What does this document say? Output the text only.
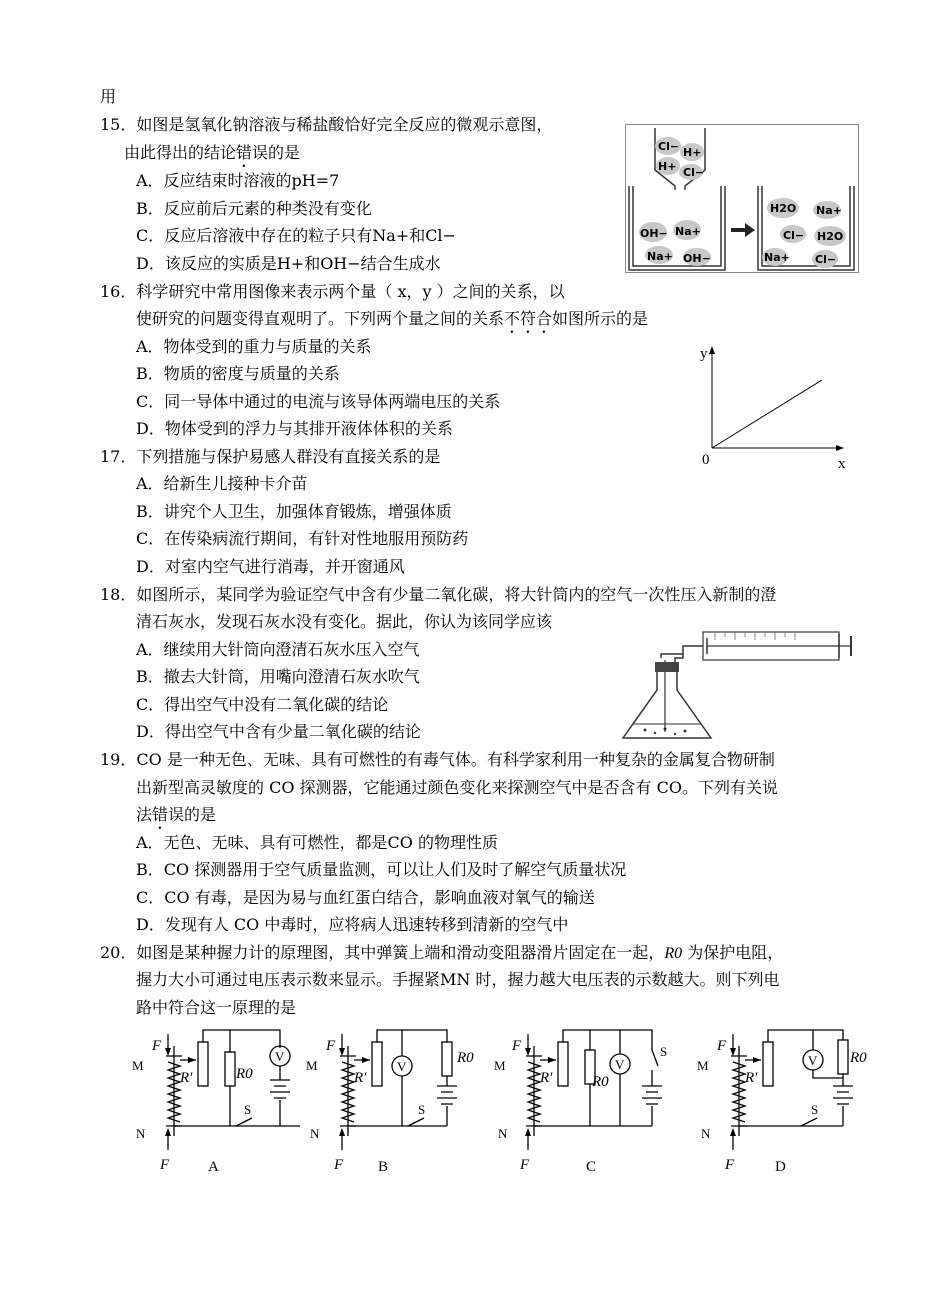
用
15．如图是氢氧化钠溶液与稀盐酸恰好完全反应的微观示意图，
由此得出的结论错误的是
A．反应结束时溶液的pH=7
B．反应前后元素的种类没有变化
C．反应后溶液中存在的粒子只有Na+和Cl−
D．该反应的实质是H+和OH−结合生成水
Cl− H+
H+ Cl−
OH− Na+
Na+ OH−
H2O Na+
Cl− H2O
Na+ Cl−
16．科学研究中常用图像来表示两个量（ x，y ）之间的关系，以
使研究的问题变得直观明了。下列两个量之间的关系不符合如图所示的是
A．物体受到的重力与质量的关系
B．物质的密度与质量的关系
C．同一导体中通过的电流与该导体两端电压的关系
D．物体受到的浮力与其排开液体体积的关系
y
x
0
17．下列措施与保护易感人群没有直接关系的是
A．给新生儿接种卡介苗
B．讲究个人卫生，加强体育锻炼，增强体质
C．在传染病流行期间，有针对性地服用预防药
D．对室内空气进行消毒，并开窗通风
18．如图所示，某同学为验证空气中含有少量二氧化碳，将大针筒内的空气一次性压入新制的澄
清石灰水，发现石灰水没有变化。据此，你认为该同学应该
A．继续用大针筒向澄清石灰水压入空气
B．撤去大针筒，用嘴向澄清石灰水吹气
C．得出空气中没有二氧化碳的结论
D．得出空气中含有少量二氧化碳的结论
19．CO 是一种无色、无味、具有可燃性的有毒气体。有科学家利用一种复杂的金属复合物研制
出新型高灵敏度的 CO 探测器，它能通过颜色变化来探测空气中是否含有 CO。下列有关说
法错误的是
A．无色、无味、具有可燃性，都是CO 的物理性质
B．CO 探测器用于空气质量监测，可以让人们及时了解空气质量状况
C．CO 有毒，是因为易与血红蛋白结合，影响血液对氧气的输送
D．发现有人 CO 中毒时，应将病人迅速转移到清新的空气中
20．如图是某种握力计的原理图，其中弹簧上端和滑动变阻器滑片固定在一起，R0 为保护电阻，
握力大小可通过电压表示数来显示。手握紧MN 时，握力越大电压表的示数越大。则下列电
路中符合这一原理的是
F
F
R′	R0
M
N
V
S
A
F
F
R′
R0
M
N
V
S
B
F
F
R′	R0
M
N
V
S
C
F
F
R′
R0
M
N
V
S
D
